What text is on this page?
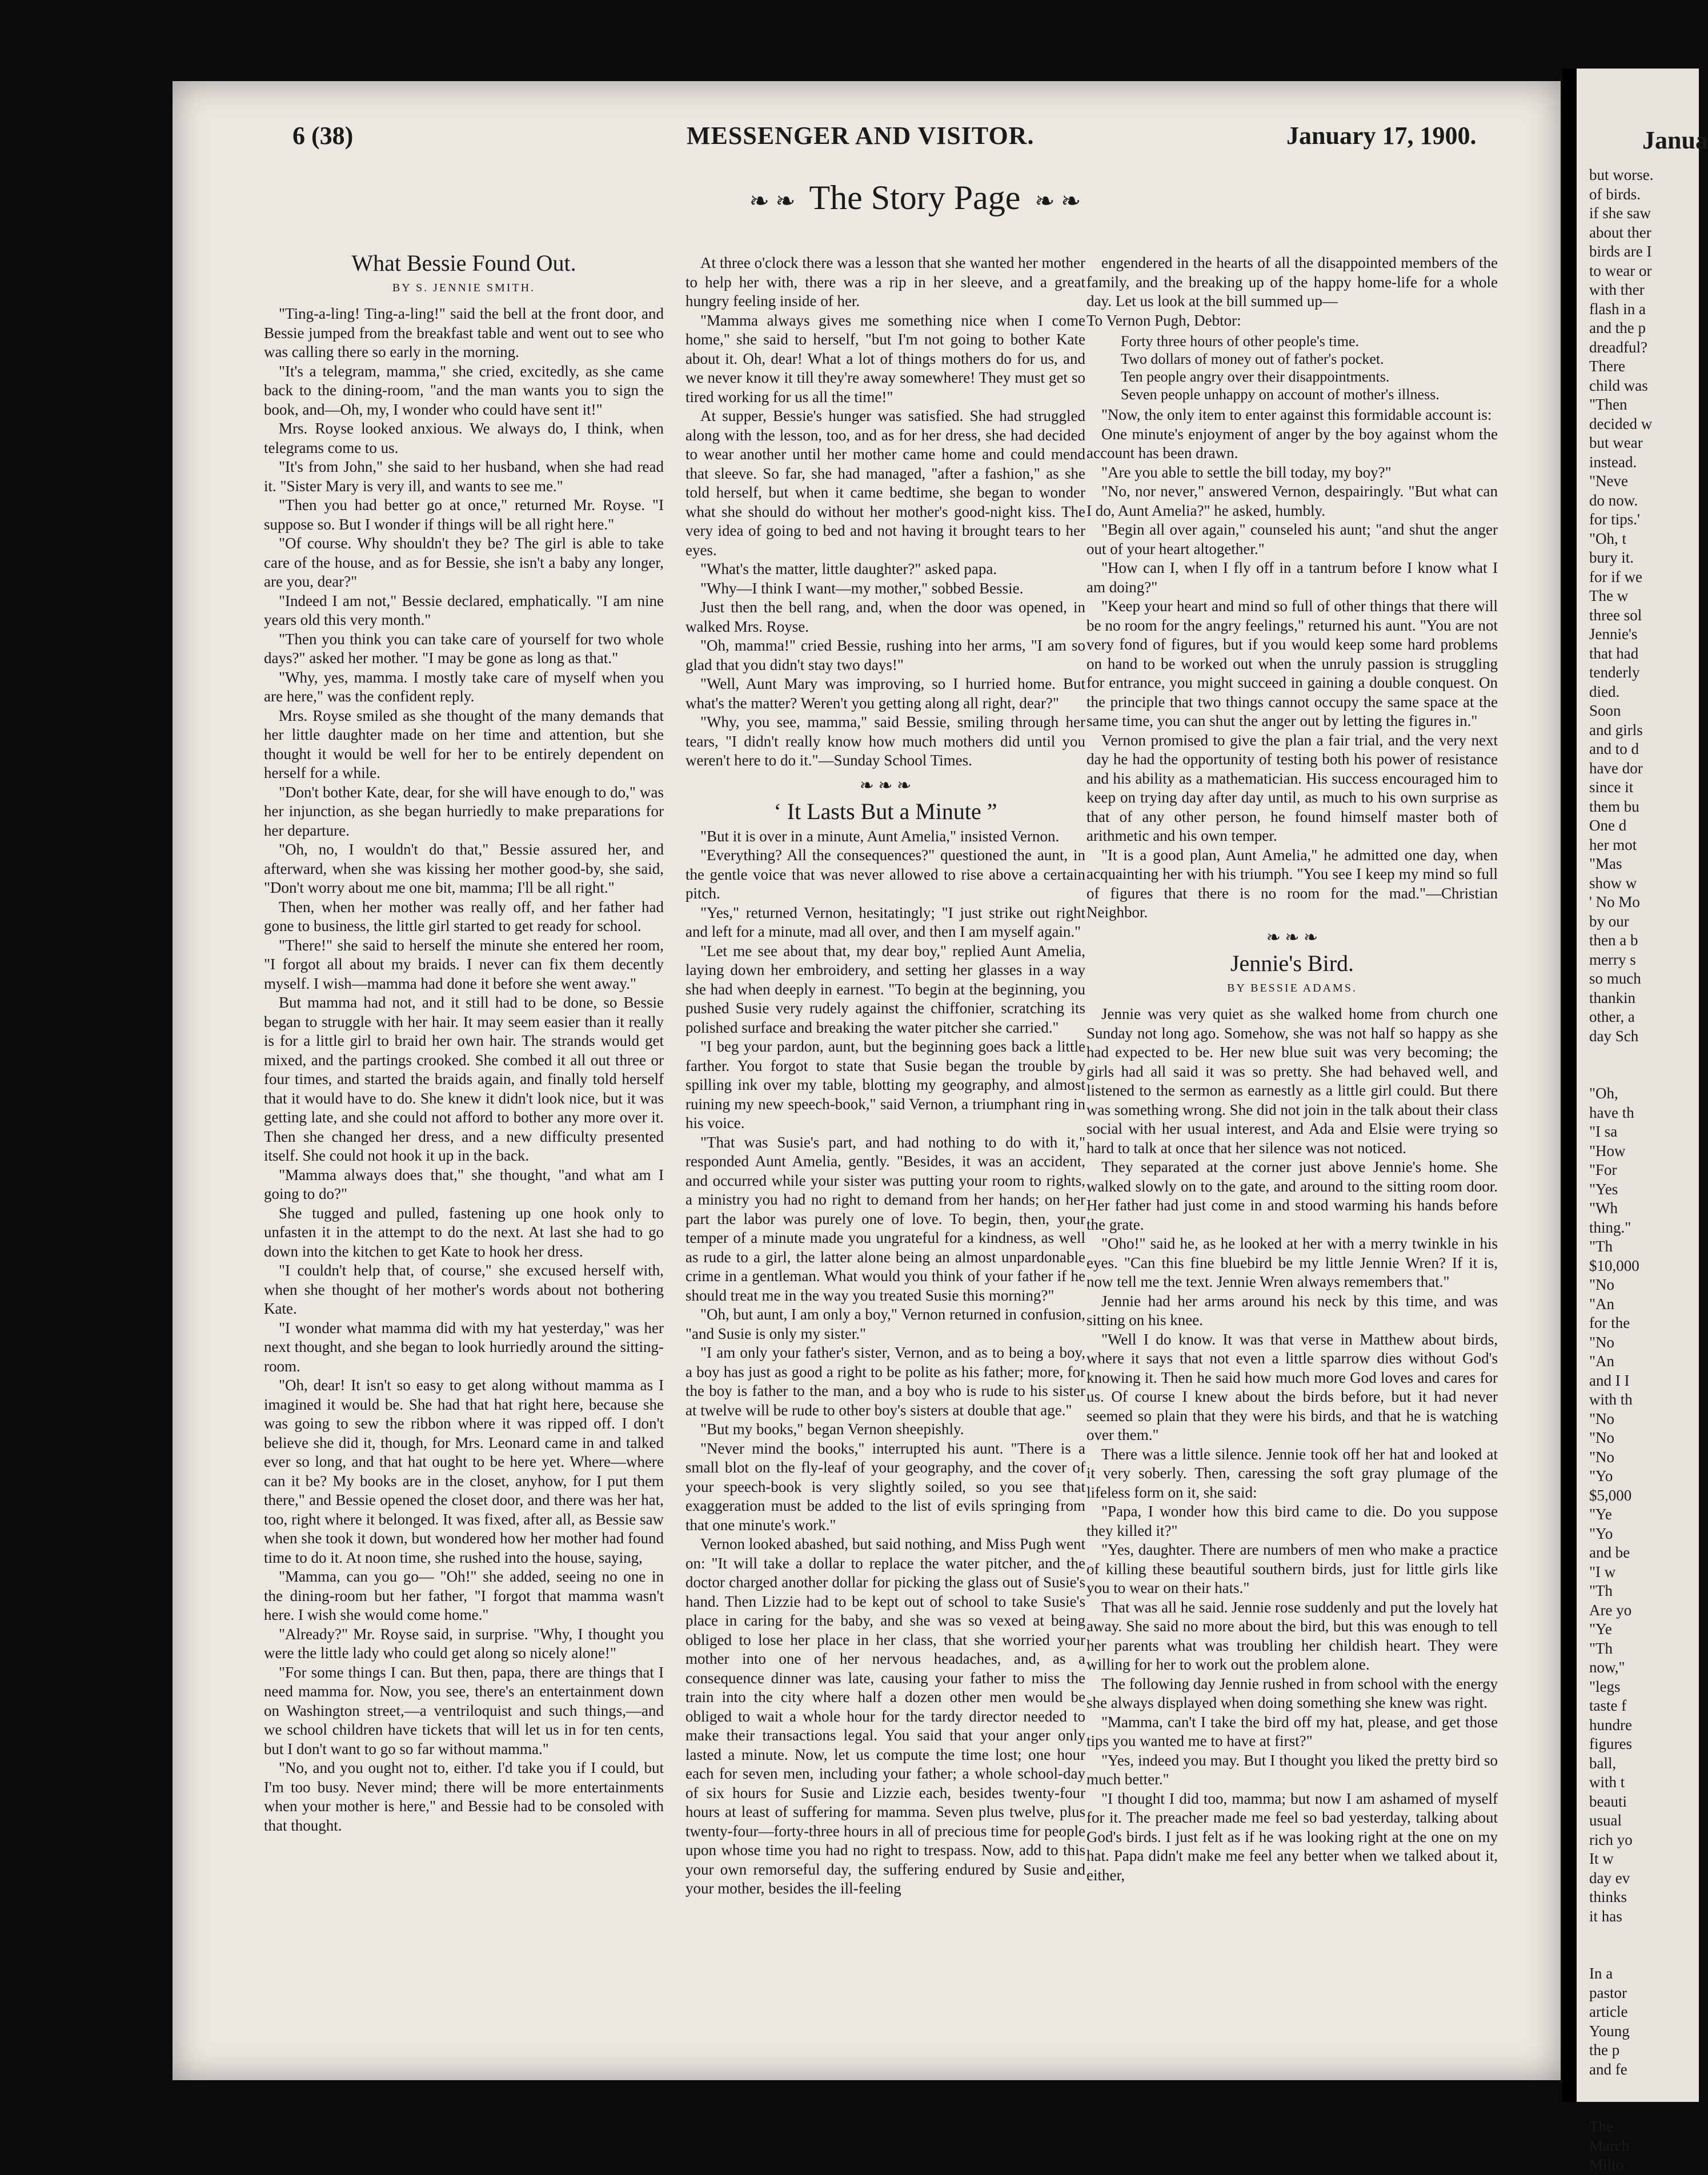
6 (38)	MESSENGER AND VISITOR.	January 17, 1900.
❧ ❧ The Story Page ❧ ❧
What Bessie Found Out.
BY S. JENNIE SMITH.

"Ting-a-ling! Ting-a-ling!" said the bell at the front door, and Bessie jumped from the breakfast table and went out to see who was calling there so early in the morning.

"It's a telegram, mamma," she cried, excitedly, as she came back to the dining-room, "and the man wants you to sign the book, and—Oh, my, I wonder who could have sent it!"

Mrs. Royse looked anxious. We always do, I think, when telegrams come to us.

"It's from John," she said to her husband, when she had read it. "Sister Mary is very ill, and wants to see me."

"Then you had better go at once," returned Mr. Royse. "I suppose so. But I wonder if things will be all right here."

"Of course. Why shouldn't they be? The girl is able to take care of the house, and as for Bessie, she isn't a baby any longer, are you, dear?"

"Indeed I am not," Bessie declared, emphatically. "I am nine years old this very month."

"Then you think you can take care of yourself for two whole days?" asked her mother. "I may be gone as long as that."

"Why, yes, mamma. I mostly take care of myself when you are here," was the confident reply.

Mrs. Royse smiled as she thought of the many demands that her little daughter made on her time and attention, but she thought it would be well for her to be entirely dependent on herself for a while.

"Don't bother Kate, dear, for she will have enough to do," was her injunction, as she began hurriedly to make preparations for her departure.

"Oh, no, I wouldn't do that," Bessie assured her, and afterward, when she was kissing her mother good-by, she said, "Don't worry about me one bit, mamma; I'll be all right."

Then, when her mother was really off, and her father had gone to business, the little girl started to get ready for school.

"There!" she said to herself the minute she entered her room, "I forgot all about my braids. I never can fix them decently myself. I wish—mamma had done it before she went away."

But mamma had not, and it still had to be done, so Bessie began to struggle with her hair. It may seem easier than it really is for a little girl to braid her own hair. The strands would get mixed, and the partings crooked. She combed it all out three or four times, and started the braids again, and finally told herself that it would have to do. She knew it didn't look nice, but it was getting late, and she could not afford to bother any more over it. Then she changed her dress, and a new difficulty presented itself. She could not hook it up in the back.

"Mamma always does that," she thought, "and what am I going to do?"

She tugged and pulled, fastening up one hook only to unfasten it in the attempt to do the next. At last she had to go down into the kitchen to get Kate to hook her dress.

"I couldn't help that, of course," she excused herself with, when she thought of her mother's words about not bothering Kate.

"I wonder what mamma did with my hat yesterday," was her next thought, and she began to look hurriedly around the sitting-room.

"Oh, dear! It isn't so easy to get along without mamma as I imagined it would be. She had that hat right here, because she was going to sew the ribbon where it was ripped off. I don't believe she did it, though, for Mrs. Leonard came in and talked ever so long, and that hat ought to be here yet. Where—where can it be? My books are in the closet, anyhow, for I put them there," and Bessie opened the closet door, and there was her hat, too, right where it belonged. It was fixed, after all, as Bessie saw when she took it down, but wondered how her mother had found time to do it. At noon time, she rushed into the house, saying,

"Mamma, can you go— "Oh!" she added, seeing no one in the dining-room but her father, "I forgot that mamma wasn't here. I wish she would come home."

"Already?" Mr. Royse said, in surprise. "Why, I thought you were the little lady who could get along so nicely alone!"

"For some things I can. But then, papa, there are things that I need mamma for. Now, you see, there's an entertainment down on Washington street,—a ventriloquist and such things,—and we school children have tickets that will let us in for ten cents, but I don't want to go so far without mamma."

"No, and you ought not to, either. I'd take you if I could, but I'm too busy. Never mind; there will be more entertainments when your mother is here," and Bessie had to be consoled with that thought.

At three o'clock there was a lesson that she wanted her mother to help her with, there was a rip in her sleeve, and a great hungry feeling inside of her.

"Mamma always gives me something nice when I come home," she said to herself, "but I'm not going to bother Kate about it. Oh, dear! What a lot of things mothers do for us, and we never know it till they're away somewhere! They must get so tired working for us all the time!"

At supper, Bessie's hunger was satisfied. She had struggled along with the lesson, too, and as for her dress, she had decided to wear another until her mother came home and could mend that sleeve. So far, she had managed, "after a fashion," as she told herself, but when it came bedtime, she began to wonder what she should do without her mother's good-night kiss. The very idea of going to bed and not having it brought tears to her eyes.

"What's the matter, little daughter?" asked papa.

"Why—I think I want—my mother," sobbed Bessie.

Just then the bell rang, and, when the door was opened, in walked Mrs. Royse.

"Oh, mamma!" cried Bessie, rushing into her arms, "I am so glad that you didn't stay two days!"

"Well, Aunt Mary was improving, so I hurried home. But what's the matter? Weren't you getting along all right, dear?"

"Why, you see, mamma," said Bessie, smiling through her tears, "I didn't really know how much mothers did until you weren't here to do it."—Sunday School Times.

❧ ❧ ❧
‘ It Lasts But a Minute ”

"But it is over in a minute, Aunt Amelia," insisted Vernon.

"Everything? All the consequences?" questioned the aunt, in the gentle voice that was never allowed to rise above a certain pitch.

"Yes," returned Vernon, hesitatingly; "I just strike out right and left for a minute, mad all over, and then I am myself again."

"Let me see about that, my dear boy," replied Aunt Amelia, laying down her embroidery, and setting her glasses in a way she had when deeply in earnest. "To begin at the beginning, you pushed Susie very rudely against the chiffonier, scratching its polished surface and breaking the water pitcher she carried."

"I beg your pardon, aunt, but the beginning goes back a little farther. You forgot to state that Susie began the trouble by spilling ink over my table, blotting my geography, and almost ruining my new speech-book," said Vernon, a triumphant ring in his voice.

"That was Susie's part, and had nothing to do with it," responded Aunt Amelia, gently. "Besides, it was an accident, and occurred while your sister was putting your room to rights, a ministry you had no right to demand from her hands; on her part the labor was purely one of love. To begin, then, your temper of a minute made you ungrateful for a kindness, as well as rude to a girl, the latter alone being an almost unpardonable crime in a gentleman. What would you think of your father if he should treat me in the way you treated Susie this morning?"

"Oh, but aunt, I am only a boy," Vernon returned in confusion, "and Susie is only my sister."

"I am only your father's sister, Vernon, and as to being a boy, a boy has just as good a right to be polite as his father; more, for the boy is father to the man, and a boy who is rude to his sister at twelve will be rude to other boy's sisters at double that age."

"But my books," began Vernon sheepishly.

"Never mind the books," interrupted his aunt. "There is a small blot on the fly-leaf of your geography, and the cover of your speech-book is very slightly soiled, so you see that exaggeration must be added to the list of evils springing from that one minute's work."

Vernon looked abashed, but said nothing, and Miss Pugh went on: "It will take a dollar to replace the water pitcher, and the doctor charged another dollar for picking the glass out of Susie's hand. Then Lizzie had to be kept out of school to take Susie's place in caring for the baby, and she was so vexed at being obliged to lose her place in her class, that she worried your mother into one of her nervous headaches, and, as a consequence dinner was late, causing your father to miss the train into the city where half a dozen other men would be obliged to wait a whole hour for the tardy director needed to make their transactions legal. You said that your anger only lasted a minute. Now, let us compute the time lost; one hour each for seven men, including your father; a whole school-day of six hours for Susie and Lizzie each, besides twenty-four hours at least of suffering for mamma. Seven plus twelve, plus twenty-four—forty-three hours in all of precious time for people upon whose time you had no right to trespass. Now, add to this your own remorseful day, the suffering endured by Susie and your mother, besides the ill-feeling

engendered in the hearts of all the disappointed members of the family, and the breaking up of the happy home-life for a whole day. Let us look at the bill summed up—

To Vernon Pugh, Debtor:

Forty three hours of other people's time.
Two dollars of money out of father's pocket.
Ten people angry over their disappointments.
Seven people unhappy on account of mother's illness.

"Now, the only item to enter against this formidable account is:

One minute's enjoyment of anger by the boy against whom the account has been drawn.

"Are you able to settle the bill today, my boy?"

"No, nor never," answered Vernon, despairingly. "But what can I do, Aunt Amelia?" he asked, humbly.

"Begin all over again," counseled his aunt; "and shut the anger out of your heart altogether."

"How can I, when I fly off in a tantrum before I know what I am doing?"

"Keep your heart and mind so full of other things that there will be no room for the angry feelings," returned his aunt. "You are not very fond of figures, but if you would keep some hard problems on hand to be worked out when the unruly passion is struggling for entrance, you might succeed in gaining a double conquest. On the principle that two things cannot occupy the same space at the same time, you can shut the anger out by letting the figures in."

Vernon promised to give the plan a fair trial, and the very next day he had the opportunity of testing both his power of resistance and his ability as a mathematician. His success encouraged him to keep on trying day after day until, as much to his own surprise as that of any other person, he found himself master both of arithmetic and his own temper.

"It is a good plan, Aunt Amelia," he admitted one day, when acquainting her with his triumph. "You see I keep my mind so full of figures that there is no room for the mad."—Christian Neighbor.

❧ ❧ ❧
Jennie's Bird.
BY BESSIE ADAMS.

Jennie was very quiet as she walked home from church one Sunday not long ago. Somehow, she was not half so happy as she had expected to be. Her new blue suit was very becoming; the girls had all said it was so pretty. She had behaved well, and listened to the sermon as earnestly as a little girl could. But there was something wrong. She did not join in the talk about their class social with her usual interest, and Ada and Elsie were trying so hard to talk at once that her silence was not noticed.

They separated at the corner just above Jennie's home. She walked slowly on to the gate, and around to the sitting room door. Her father had just come in and stood warming his hands before the grate.

"Oho!" said he, as he looked at her with a merry twinkle in his eyes. "Can this fine bluebird be my little Jennie Wren? If it is, now tell me the text. Jennie Wren always remembers that."

Jennie had her arms around his neck by this time, and was sitting on his knee.

"Well I do know. It was that verse in Matthew about birds, where it says that not even a little sparrow dies without God's knowing it. Then he said how much more God loves and cares for us. Of course I knew about the birds before, but it had never seemed so plain that they were his birds, and that he is watching over them."

There was a little silence. Jennie took off her hat and looked at it very soberly. Then, caressing the soft gray plumage of the lifeless form on it, she said:

"Papa, I wonder how this bird came to die. Do you suppose they killed it?"

"Yes, daughter. There are numbers of men who make a practice of killing these beautiful southern birds, just for little girls like you to wear on their hats."

That was all he said. Jennie rose suddenly and put the lovely hat away. She said no more about the bird, but this was enough to tell her parents what was troubling her childish heart. They were willing for her to work out the problem alone.

The following day Jennie rushed in from school with the energy she always displayed when doing something she knew was right.

"Mamma, can't I take the bird off my hat, please, and get those tips you wanted me to have at first?"

"Yes, indeed you may. But I thought you liked the pretty bird so much better."

"I thought I did too, mamma; but now I am ashamed of myself for it. The preacher made me feel so bad yesterday, talking about God's birds. I just felt as if he was looking right at the one on my hat. Papa didn't make me feel any better when we talked about it, either,

Janua
but worse.
of birds.
if she saw
about ther
birds are I
to wear or
with ther
flash in a
and the p
dreadful?
There
child was
"Then
decided w
but wear
instead.
"Neve
do now.
for tips.'
"Oh, t
bury it.
for if we
The w
three sol
Jennie's
that had
tenderly
died.
Soon
and girls
and to d
have dor
since it
them bu
One d
her mot
"Mas
show w
' No Mo
by our
then a b
merry s
so much
thankin
other, a
day Sch

"Oh,
have th
"I sa
"How
"For
"Yes
"Wh
thing."
"Th
$10,000
"No
"An
for the
"No
"An
and I I
with th
"No
"No
"No
"Yo
$5,000
"Ye
"Yo
and be
"I w
"Th
Are yo
"Ye
"Th
now,"
"legs
taste f
hundre
figures
ball,
with t
beauti
usual
rich yo
It w
day ev
thinks
it has

In a
pastor
article
Young
the p
and fe

The
March
Milto
